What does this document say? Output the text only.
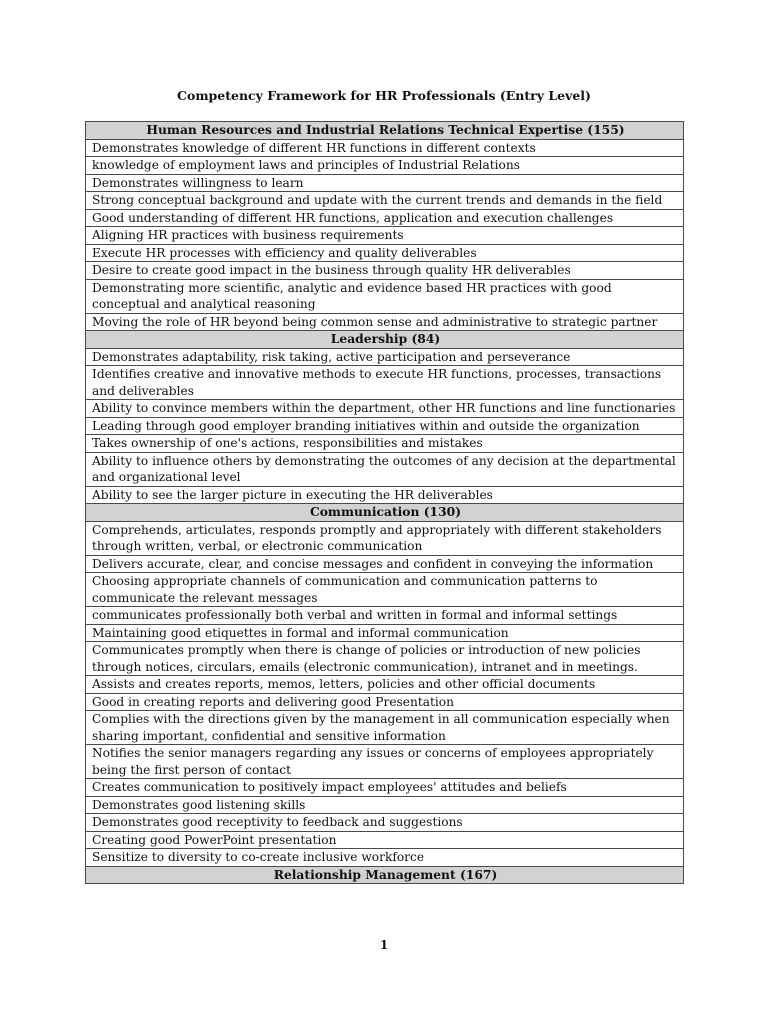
Competency Framework for HR Professionals (Entry Level)
Human Resources and Industrial Relations Technical Expertise (155)
Demonstrates knowledge of different HR functions in different contexts
knowledge of employment laws and principles of Industrial Relations
Demonstrates willingness to learn
Strong conceptual background and update with the current trends and demands in the field
Good understanding of different HR functions, application and execution challenges
Aligning HR practices with business requirements
Execute HR processes with efficiency and quality deliverables
Desire to create good impact in the business through quality HR deliverables
Demonstrating more scientific, analytic and evidence based HR practices with good conceptual and analytical reasoning
Moving the role of HR beyond being common sense and administrative to strategic partner
Leadership (84)
Demonstrates adaptability, risk taking, active participation and perseverance
Identifies creative and innovative methods to execute HR functions, processes, transactions and deliverables
Ability to convince members within the department, other HR functions and line functionaries
Leading through good employer branding initiatives within and outside the organization
Takes ownership of one's actions, responsibilities and mistakes
Ability to influence others by demonstrating the outcomes of any decision at the departmental and organizational level
Ability to see the larger picture in executing the HR deliverables
Communication (130)
Comprehends, articulates, responds promptly and appropriately with different stakeholders through written, verbal, or electronic communication
Delivers accurate, clear, and concise messages and confident in conveying the information
Choosing appropriate channels of communication and communication patterns to communicate the relevant messages
communicates professionally both verbal and written in formal and informal settings
Maintaining good etiquettes in formal and informal communication
Communicates promptly when there is change of policies or introduction of new policies through notices, circulars, emails (electronic communication), intranet and in meetings.
Assists and creates reports, memos, letters, policies and other official documents
Good in creating reports and delivering good Presentation
Complies with the directions given by the management in all communication especially when sharing important, confidential and sensitive information
Notifies the senior managers regarding any issues or concerns of employees appropriately being the first person of contact
Creates communication to positively impact employees' attitudes and beliefs
Demonstrates good listening skills
Demonstrates good receptivity to feedback and suggestions
Creating good PowerPoint presentation
Sensitize to diversity to co-create inclusive workforce
Relationship Management (167)
1
